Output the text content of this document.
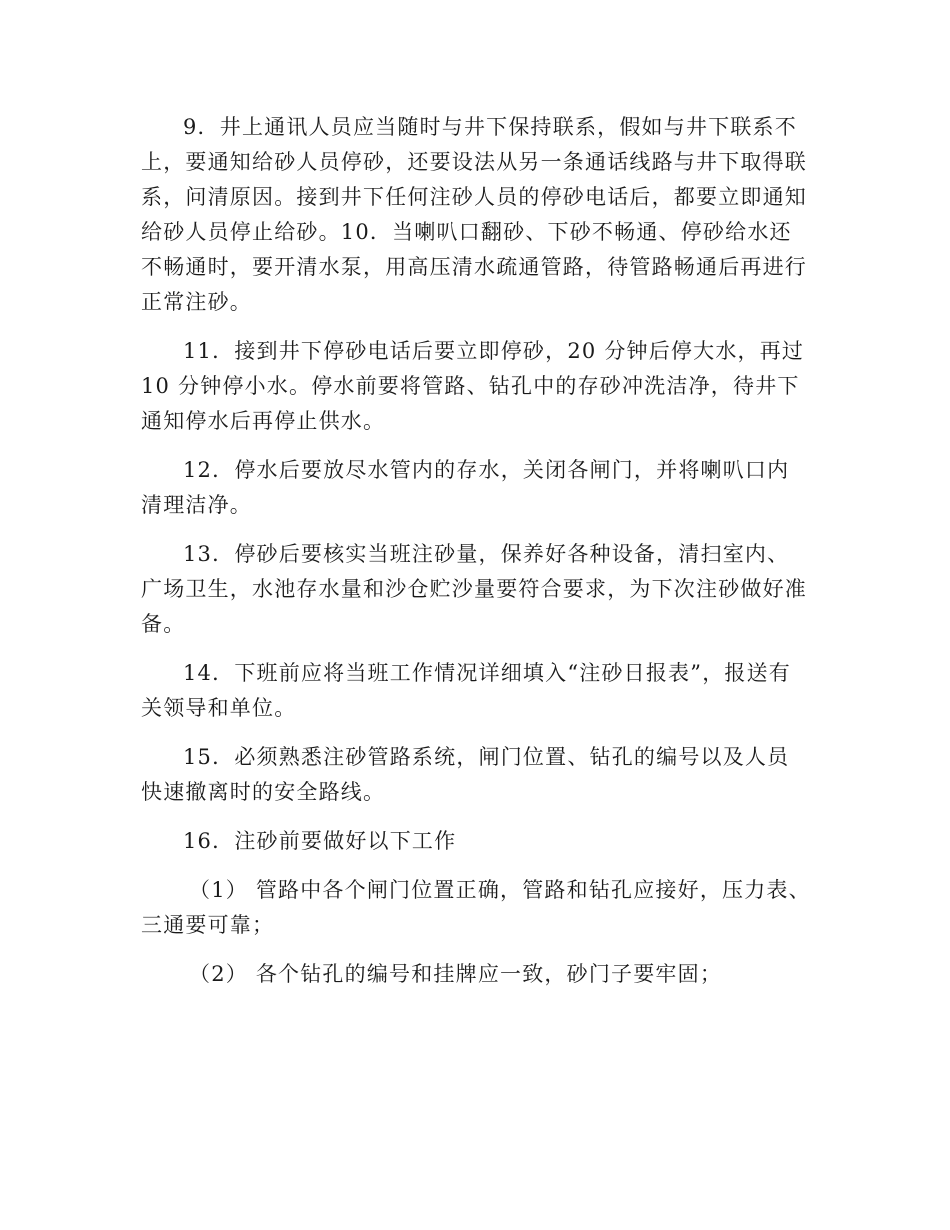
9．井上通讯人员应当随时与井下保持联系，假如与井下联系不上，要通知给砂人员停砂，还要设法从另一条通话线路与井下取得联系，问清原因。接到井下任何注砂人员的停砂电话后，都要立即通知给砂人员停止给砂。10．当喇叭口翻砂、下砂不畅通、停砂给水还不畅通时，要开清水泵，用高压清水疏通管路，待管路畅通后再进行正常注砂。

11．接到井下停砂电话后要立即停砂，20 分钟后停大水，再过 10 分钟停小水。停水前要将管路、钻孔中的存砂冲洗洁净，待井下通知停水后再停止供水。

12．停水后要放尽水管内的存水，关闭各闸门，并将喇叭口内清理洁净。

13．停砂后要核实当班注砂量，保养好各种设备，清扫室内、广场卫生，水池存水量和沙仓贮沙量要符合要求，为下次注砂做好准备。

14．下班前应将当班工作情况详细填入“注砂日报表”，报送有关领导和单位。

15．必须熟悉注砂管路系统，闸门位置、钻孔的编号以及人员快速撤离时的安全路线。

16．注砂前要做好以下工作

（1） 管路中各个闸门位置正确，管路和钻孔应接好，压力表、三通要可靠；

（2） 各个钻孔的编号和挂牌应一致，砂门子要牢固；
